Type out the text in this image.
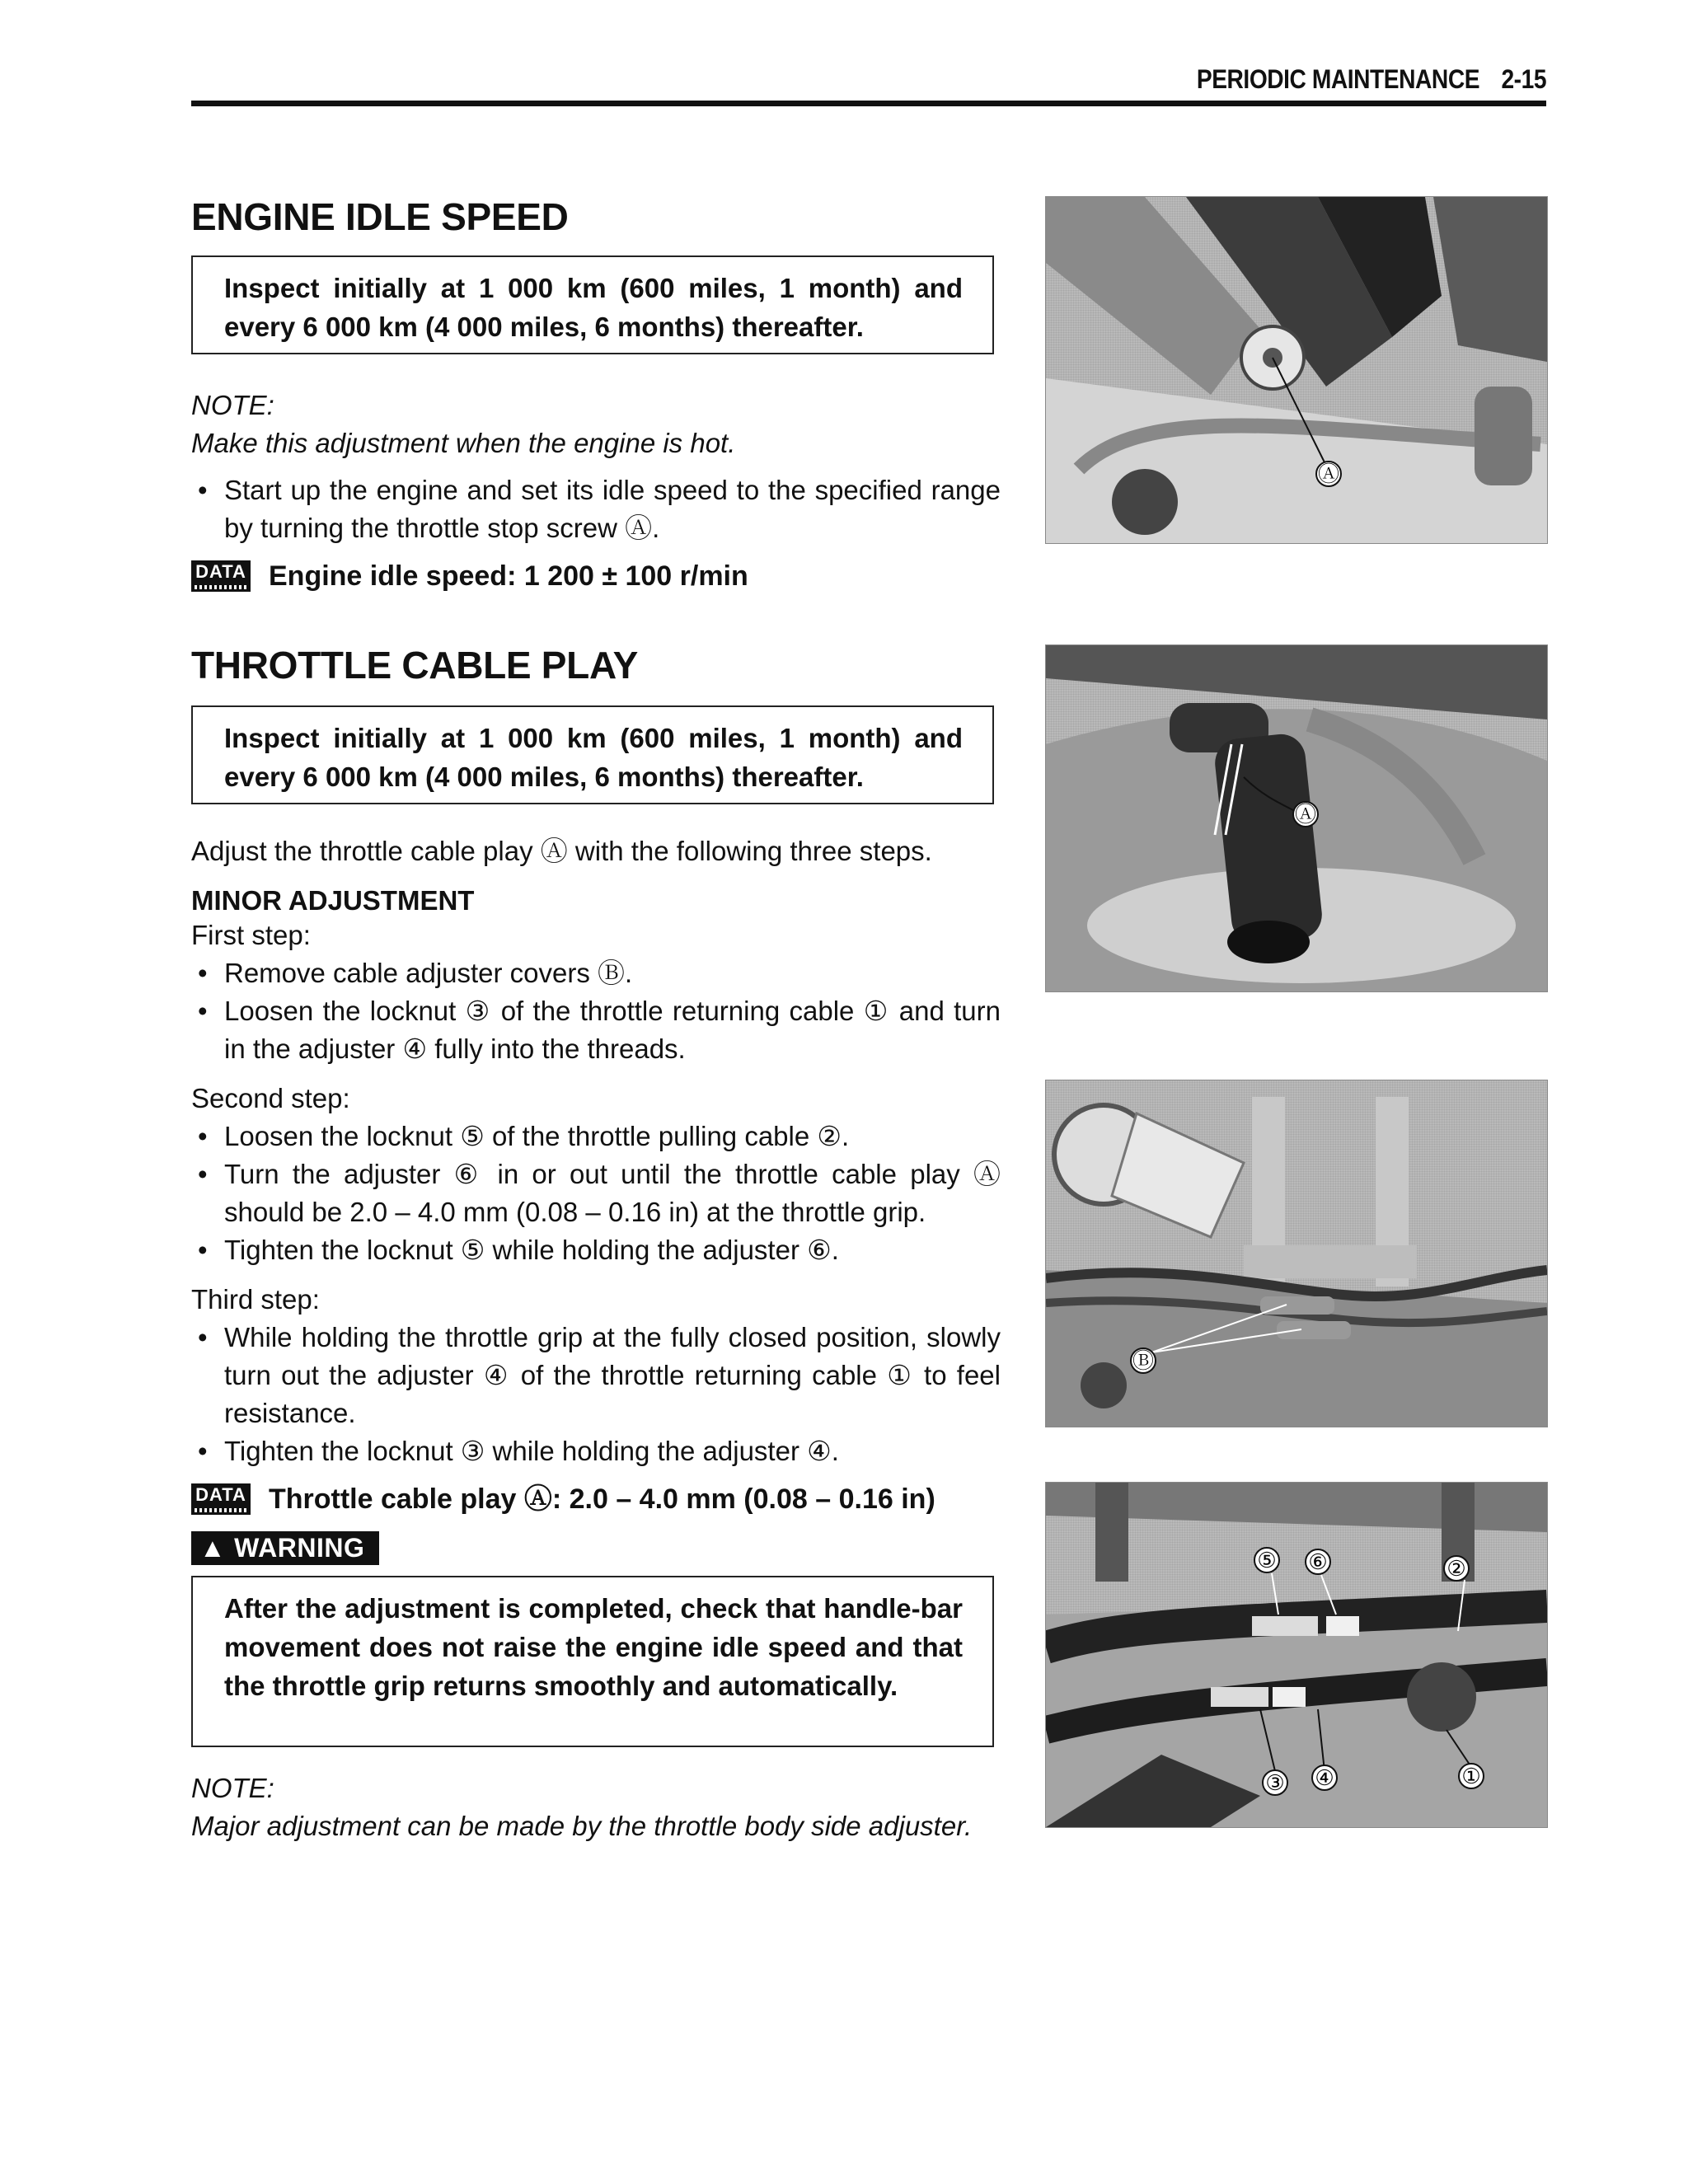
PERIODIC MAINTENANCE 2-15
ENGINE IDLE SPEED
Inspect initially at 1 000 km (600 miles, 1 month) and every 6 000 km (4 000 miles, 6 months) thereafter.
NOTE:
Make this adjustment when the engine is hot.
• Start up the engine and set its idle speed to the specified range by turning the throttle stop screw Ⓐ.
DATA Engine idle speed: 1 200 ± 100 r/min
THROTTLE CABLE PLAY
Inspect initially at 1 000 km (600 miles, 1 month) and every 6 000 km (4 000 miles, 6 months) thereafter.
Adjust the throttle cable play Ⓐ with the following three steps.
MINOR ADJUSTMENT
First step:
• Remove cable adjuster covers Ⓑ.
• Loosen the locknut ③ of the throttle returning cable ① and turn in the adjuster ④ fully into the threads.
Second step:
• Loosen the locknut ⑤ of the throttle pulling cable ②.
• Turn the adjuster ⑥ in or out until the throttle cable play Ⓐ should be 2.0 – 4.0 mm (0.08 – 0.16 in) at the throttle grip.
• Tighten the locknut ⑤ while holding the adjuster ⑥.
Third step:
• While holding the throttle grip at the fully closed position, slowly turn out the adjuster ④ of the throttle returning cable ① to feel resistance.
• Tighten the locknut ③ while holding the adjuster ④.
DATA Throttle cable play Ⓐ: 2.0 – 4.0 mm (0.08 – 0.16 in)
▲ WARNING
After the adjustment is completed, check that handle-bar movement does not raise the engine idle speed and that the throttle grip returns smoothly and automatically.
NOTE:
Major adjustment can be made by the throttle body side adjuster.
Ⓐ
Ⓐ
Ⓑ
⑤ ⑥	②
③ ④	①
